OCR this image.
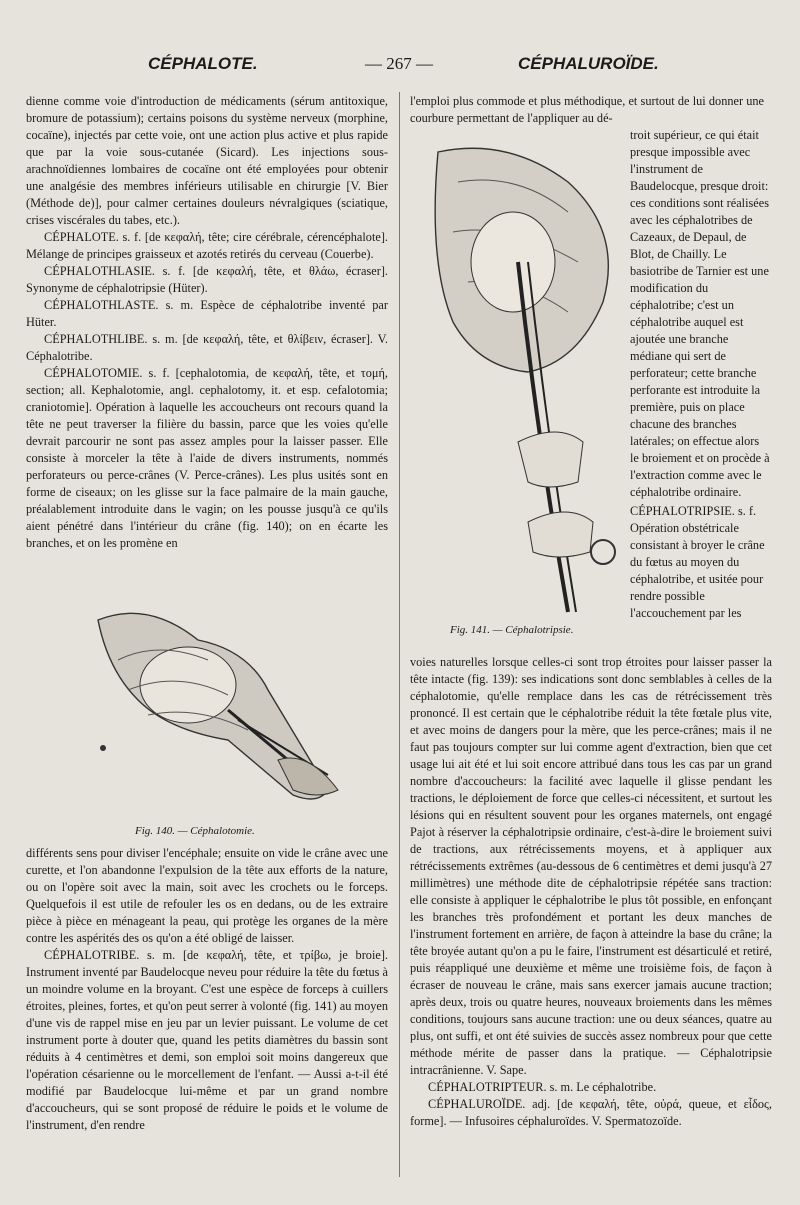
CÉPHALOTE.	— 267 —	CÉPHALUROÏDE.

dienne comme voie d'introduction de médicaments (sérum antitoxique, bromure de potassium); certains poisons du système nerveux (morphine, cocaïne), injectés par cette voie, ont une action plus active et plus rapide que par la voie sous-cutanée (Sicard). Les injections sous-arachnoïdiennes lombaires de cocaïne ont été employées pour obtenir une analgésie des membres inférieurs utilisable en chirurgie [V. Bier (Méthode de)], pour calmer certaines douleurs névralgiques (sciatique, crises viscérales du tabes, etc.).

CÉPHALOTE. s. f. [de κεφαλή, tête; cire cérébrale, cérencéphalote]. Mélange de principes graisseux et azotés retirés du cerveau (Couerbe).

CÉPHALOTHLASIE. s. f. [de κεφαλή, tête, et θλάω, écraser]. Synonyme de céphalotripsie (Hüter).

CÉPHALOTHLASTE. s. m. Espèce de céphalotribe inventé par Hüter.

CÉPHALOTHLIBE. s. m. [de κεφαλή, tête, et θλίβειν, écraser]. V. Céphalotribe.

CÉPHALOTOMIE. s. f. [cephalotomia, de κεφαλή, tête, et τομή, section; all. Kephalotomie, angl. cephalotomy, it. et esp. cefalotomia; craniotomie]. Opération à laquelle les accoucheurs ont recours quand la tête ne peut traverser la filière du bassin, parce que les voies qu'elle devrait parcourir ne sont pas assez amples pour la laisser passer. Elle consiste à morceler la tête à l'aide de divers instruments, nommés perforateurs ou perce-crânes (V. Perce-crânes). Les plus usités sont en forme de ciseaux; on les glisse sur la face palmaire de la main gauche, préalablement introduite dans le vagin; on les pousse jusqu'à ce qu'ils aient pénétré dans l'intérieur du crâne (fig. 140); on en écarte les branches, et on les promène en

Fig. 140. — Céphalotomie.

différents sens pour diviser l'encéphale; ensuite on vide le crâne avec une curette, et l'on abandonne l'expulsion de la tête aux efforts de la nature, ou on l'opère soit avec la main, soit avec les crochets ou le forceps. Quelquefois il est utile de refouler les os en dedans, ou de les extraire pièce à pièce en ménageant la peau, qui protège les organes de la mère contre les aspérités des os qu'on a été obligé de laisser.

CÉPHALOTRIBE. s. m. [de κεφαλή, tête, et τρίβω, je broie]. Instrument inventé par Baudelocque neveu pour réduire la tête du fœtus à un moindre volume en la broyant. C'est une espèce de forceps à cuillers étroites, pleines, fortes, et qu'on peut serrer à volonté (fig. 141) au moyen d'une vis de rappel mise en jeu par un levier puissant. Le volume de cet instrument porte à douter que, quand les petits diamètres du bassin sont réduits à 4 centimètres et demi, son emploi soit moins dangereux que l'opération césarienne ou le morcellement de l'enfant. — Aussi a-t-il été modifié par Baudelocque lui-même et par un grand nombre d'accoucheurs, qui se sont proposé de réduire le poids et le volume de l'instrument, d'en rendre

l'emploi plus commode et plus méthodique, et surtout de lui donner une courbure permettant de l'appliquer au dé-

troit supérieur, ce qui était presque impossible avec l'instrument de Baudelocque, presque droit: ces conditions sont réalisées avec les céphalotribes de Cazeaux, de Depaul, de Blot, de Chailly. Le basiotribe de Tarnier est une modification du céphalotribe; c'est un céphalotribe auquel est ajoutée une branche médiane qui sert de perforateur; cette branche perforante est introduite la première, puis on place chacune des branches latérales; on effectue alors le broiement et on procède à l'extraction comme avec le céphalotribe ordinaire.

CÉPHALOTRIPSIE. s. f. Opération obstétricale consistant à broyer le crâne du fœtus au moyen du céphalotribe, et usitée pour rendre possible l'accouchement par les

Fig. 141. — Céphalotripsie.

voies naturelles lorsque celles-ci sont trop étroites pour laisser passer la tête intacte (fig. 139): ses indications sont donc semblables à celles de la céphalotomie, qu'elle remplace dans les cas de rétrécissement très prononcé. Il est certain que le céphalotribe réduit la tête fœtale plus vite, et avec moins de dangers pour la mère, que les perce-crânes; mais il ne faut pas toujours compter sur lui comme agent d'extraction, bien que cet usage lui ait été et lui soit encore attribué dans tous les cas par un grand nombre d'accoucheurs: la facilité avec laquelle il glisse pendant les tractions, le déploiement de force que celles-ci nécessitent, et surtout les lésions qui en résultent souvent pour les organes maternels, ont engagé Pajot à réserver la céphalotripsie ordinaire, c'est-à-dire le broiement suivi de tractions, aux rétrécissements moyens, et à appliquer aux rétrécissements extrêmes (au-dessous de 6 centimètres et demi jusqu'à 27 millimètres) une méthode dite de céphalotripsie répétée sans traction: elle consiste à appliquer le céphalotribe le plus tôt possible, en enfonçant les branches très profondément et portant les deux manches de l'instrument fortement en arrière, de façon à atteindre la base du crâne; la tête broyée autant qu'on a pu le faire, l'instrument est désarticulé et retiré, puis réappliqué une deuxième et même une troisième fois, de façon à écraser de nouveau le crâne, mais sans exercer jamais aucune traction; après deux, trois ou quatre heures, nouveaux broiements dans les mêmes conditions, toujours sans aucune traction: une ou deux séances, quatre au plus, ont suffi, et ont été suivies de succès assez nombreux pour que cette méthode mérite de passer dans la pratique. — Céphalotripsie intracrânienne. V. Sape.

CÉPHALOTRIPTEUR. s. m. Le céphalotribe.

CÉPHALUROÏDE. adj. [de κεφαλή, tête, οὐρά, queue, et εἶδος, forme]. — Infusoires céphaluroïdes. V. Spermatozoïde.
